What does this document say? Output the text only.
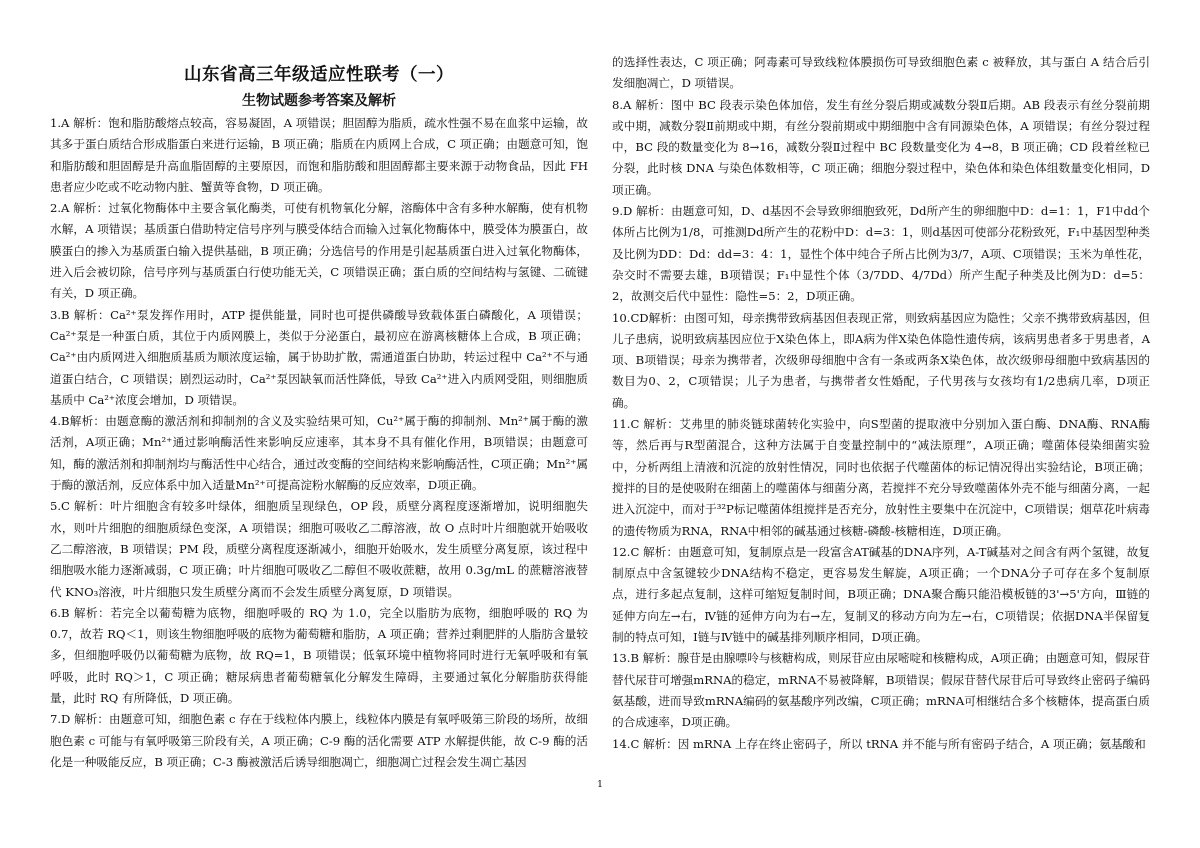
山东省高三年级适应性联考（一）
生物试题参考答案及解析

1.A 解析：饱和脂肪酸熔点较高，容易凝固，A 项错误；胆固醇为脂质，疏水性强不易在血浆中运输，故其多于蛋白质结合形成脂蛋白来进行运输，B 项正确；脂质在内质网上合成，C 项正确；由题意可知，饱和脂肪酸和胆固醇是升高血脂固醇的主要原因，而饱和脂肪酸和胆固醇都主要来源于动物食品，因此 FH 患者应少吃或不吃动物内脏、蟹黄等食物，D 项正确。

2.A 解析：过氧化物酶体中主要含氧化酶类，可使有机物氧化分解，溶酶体中含有多种水解酶，使有机物水解，A 项错误；基质蛋白借助特定信号序列与膜受体结合而输入过氧化物酶体中，膜受体为膜蛋白，故膜蛋白的掺入为基质蛋白输入提供基础，B 项正确；分选信号的作用是引起基质蛋白进入过氧化物酶体，进入后会被切除，信号序列与基质蛋白行使功能无关，C 项错误正确；蛋白质的空间结构与氢键、二硫键有关，D 项正确。

3.B 解析：Ca²⁺泵发挥作用时，ATP 提供能量，同时也可提供磷酸导致载体蛋白磷酸化，A 项错误；Ca²⁺泵是一种蛋白质，其位于内质网膜上，类似于分泌蛋白，最初应在游离核糖体上合成，B 项正确；Ca²⁺由内质网进入细胞质基质为顺浓度运输，属于协助扩散，需通道蛋白协助，转运过程中 Ca²⁺不与通道蛋白结合，C 项错误；剧烈运动时，Ca²⁺泵因缺氧而活性降低，导致 Ca²⁺进入内质网受阻，则细胞质基质中 Ca²⁺浓度会增加，D 项错误。

4.B解析：由题意酶的激活剂和抑制剂的含义及实验结果可知，Cu²⁺属于酶的抑制剂、Mn²⁺属于酶的激活剂，A项正确；Mn²⁺通过影响酶活性来影响反应速率，其本身不具有催化作用，B项错误；由题意可知，酶的激活剂和抑制剂均与酶活性中心结合，通过改变酶的空间结构来影响酶活性，C项正确；Mn²⁺属于酶的激活剂，反应体系中加入适量Mn²⁺可提高淀粉水解酶的反应效率，D项正确。

5.C 解析：叶片细胞含有较多叶绿体，细胞质呈现绿色，OP 段，质壁分离程度逐渐增加，说明细胞失水，则叶片细胞的细胞质绿色变深，A 项错误；细胞可吸收乙二醇溶液，故 O 点时叶片细胞就开始吸收乙二醇溶液，B 项错误；PM 段，质壁分离程度逐渐减小，细胞开始吸水，发生质壁分离复原，该过程中细胞吸水能力逐渐减弱，C 项正确；叶片细胞可吸收乙二醇但不吸收蔗糖，故用 0.3g/mL 的蔗糖溶液替代 KNO₃溶液，叶片细胞只发生质壁分离而不会发生质壁分离复原，D 项错误。

6.B 解析：若完全以葡萄糖为底物，细胞呼吸的 RQ 为 1.0，完全以脂肪为底物，细胞呼吸的 RQ 为 0.7，故若 RQ＜1，则该生物细胞呼吸的底物为葡萄糖和脂肪，A 项正确；营养过剩肥胖的人脂肪含量较多，但细胞呼吸仍以葡萄糖为底物，故 RQ=1，B 项错误；低氧环境中植物将同时进行无氧呼吸和有氧呼吸，此时 RQ＞1，C 项正确；糖尿病患者葡萄糖氧化分解发生障碍，主要通过氧化分解脂肪获得能量，此时 RQ 有所降低，D 项正确。

7.D 解析：由题意可知，细胞色素 c 存在于线粒体内膜上，线粒体内膜是有氧呼吸第三阶段的场所，故细胞色素 c 可能与有氧呼吸第三阶段有关，A 项正确；C-9 酶的活化需要 ATP 水解提供能，故 C-9 酶的活化是一种吸能反应，B 项正确；C-3 酶被激活后诱导细胞凋亡，细胞凋亡过程会发生凋亡基因

的选择性表达，C 项正确；阿毒素可导致线粒体膜损伤可导致细胞色素 c 被释放，其与蛋白 A 结合后引发细胞凋亡，D 项错误。

8.A 解析：图中 BC 段表示染色体加倍，发生有丝分裂后期或减数分裂Ⅱ后期。AB 段表示有丝分裂前期或中期，减数分裂Ⅱ前期或中期，有丝分裂前期或中期细胞中含有同源染色体，A 项错误；有丝分裂过程中，BC 段的数量变化为 8→16，减数分裂Ⅱ过程中 BC 段数量变化为 4→8，B 项正确；CD 段着丝粒已分裂，此时核 DNA 与染色体数相等，C 项正确；细胞分裂过程中，染色体和染色体组数量变化相同，D 项正确。

9.D 解析：由题意可知，D、d基因不会导致卵细胞致死，Dd所产生的卵细胞中D：d=1：1，F1中dd个体所占比例为1/8，可推测Dd所产生的花粉中D：d=3：1，则d基因可使部分花粉致死，F₁中基因型种类及比例为DD：Dd：dd=3：4：1，显性个体中纯合子所占比例为3/7，A项、C项错误；玉米为单性花，杂交时不需要去雄，B项错误；F₁中显性个体（3/7DD、4/7Dd）所产生配子种类及比例为D：d=5：2，故测交后代中显性：隐性=5：2，D项正确。

10.CD解析：由图可知，母亲携带致病基因但表现正常，则致病基因应为隐性；父亲不携带致病基因，但儿子患病，说明致病基因应位于X染色体上，即A病为伴X染色体隐性遗传病，该病男患者多于男患者，A项、B项错误；母亲为携带者，次级卵母细胞中含有一条或两条X染色体，故次级卵母细胞中致病基因的数目为0、2，C项错误；儿子为患者，与携带者女性婚配，子代男孩与女孩均有1/2患病几率，D项正确。

11.C 解析：艾弗里的肺炎链球菌转化实验中，向S型菌的提取液中分别加入蛋白酶、DNA酶、RNA酶等，然后再与R型菌混合，这种方法属于自变量控制中的“减法原理”，A项正确；噬菌体侵染细菌实验中，分析两组上清液和沉淀的放射性情况，同时也依据子代噬菌体的标记情况得出实验结论，B项正确；搅拌的目的是使吸附在细菌上的噬菌体与细菌分离，若搅拌不充分导致噬菌体外壳不能与细菌分离，一起进入沉淀中，而对于³²P标记噬菌体组搅拌是否充分，放射性主要集中在沉淀中，C项错误；烟草花叶病毒的遗传物质为RNA，RNA中相邻的碱基通过核糖-磷酸-核糖相连，D项正确。

12.C 解析：由题意可知，复制原点是一段富含AT碱基的DNA序列，A-T碱基对之间含有两个氢键，故复制原点中含氢键较少DNA结构不稳定，更容易发生解旋，A项正确；一个DNA分子可存在多个复制原点，进行多起点复制，这样可缩短复制时间，B项正确；DNA聚合酶只能沿模板链的3'→5'方向，Ⅲ链的延伸方向左→右，Ⅳ链的延伸方向为右→左，复制叉的移动方向为左→右，C项错误；依据DNA半保留复制的特点可知，Ⅰ链与Ⅳ链中的碱基排列顺序相同，D项正确。

13.B 解析：腺苷是由腺嘌呤与核糖构成，则尿苷应由尿嘧啶和核糖构成，A项正确；由题意可知，假尿苷替代尿苷可增强mRNA的稳定，mRNA不易被降解，B项错误；假尿苷替代尿苷后可导致终止密码子编码氨基酸，进而导致mRNA编码的氨基酸序列改编，C项正确；mRNA可相继结合多个核糖体，提高蛋白质的合成速率，D项正确。

14.C 解析：因 mRNA 上存在终止密码子，所以 tRNA 并不能与所有密码子结合，A 项正确；氨基酸和

1
